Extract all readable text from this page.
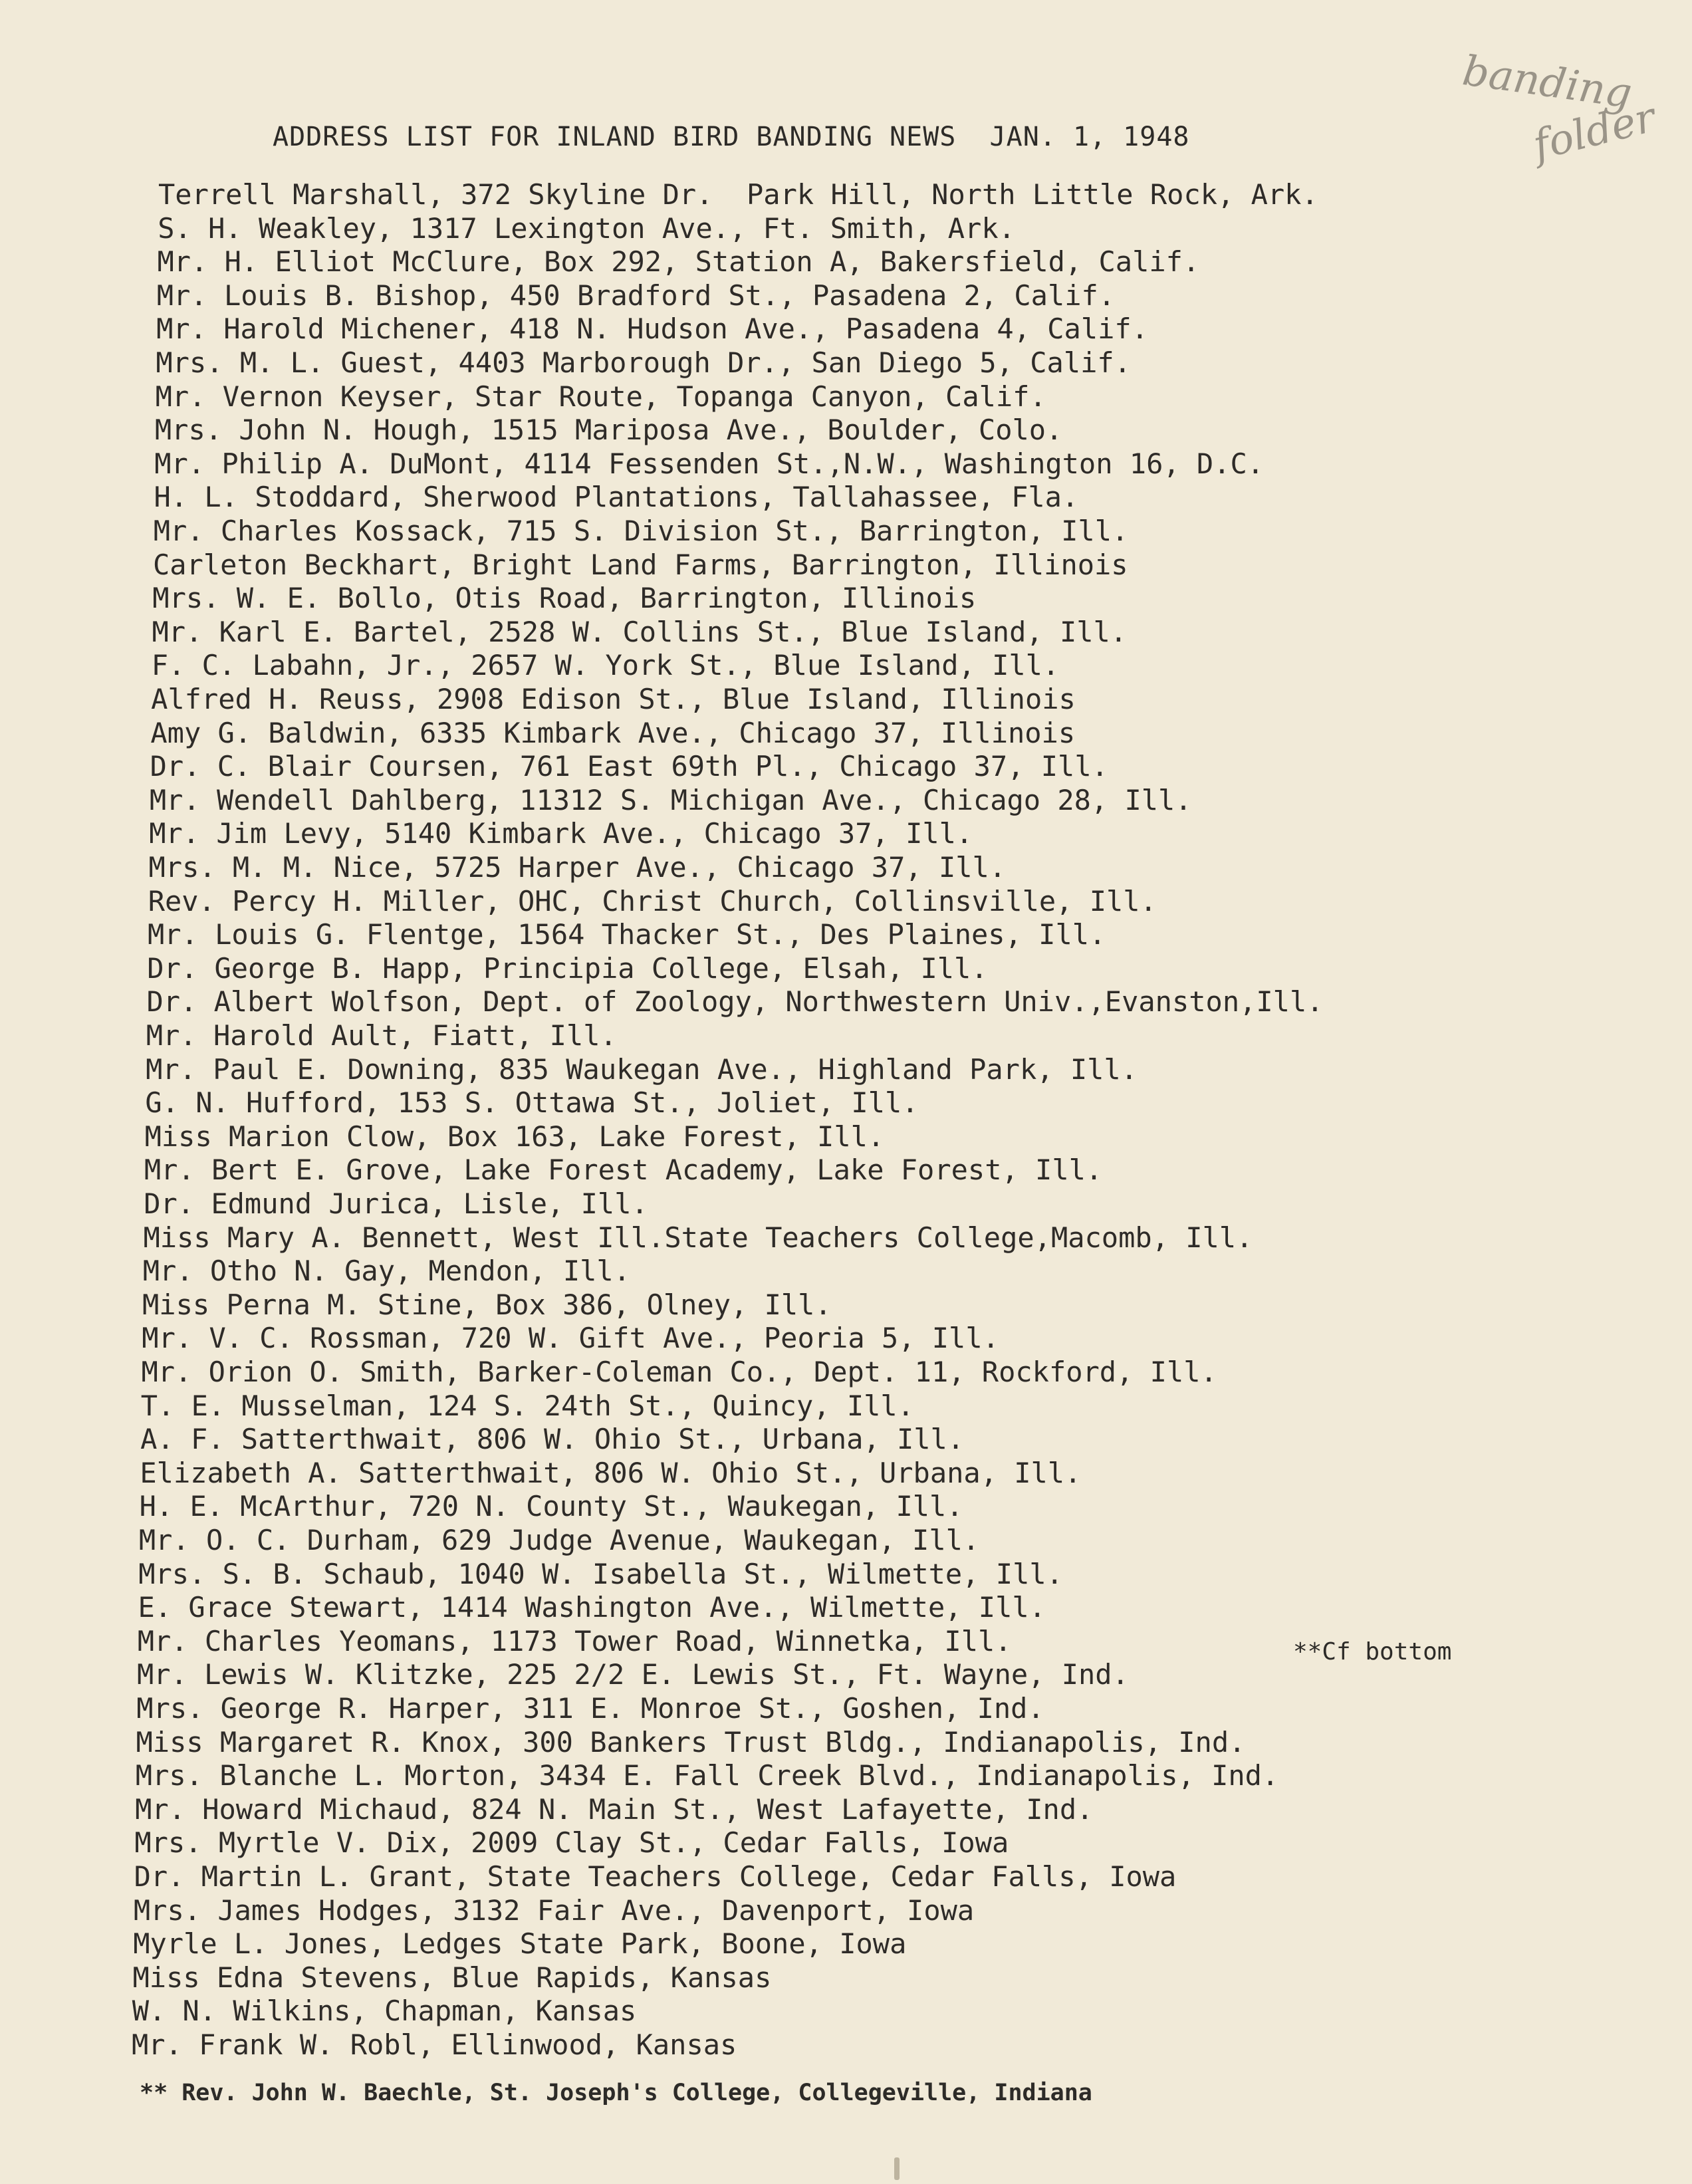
banding
folder
ADDRESS LIST FOR INLAND BIRD BANDING NEWS  JAN. 1, 1948
Terrell Marshall, 372 Skyline Dr.  Park Hill, North Little Rock, Ark.
S. H. Weakley, 1317 Lexington Ave., Ft. Smith, Ark.
Mr. H. Elliot McClure, Box 292, Station A, Bakersfield, Calif.
Mr. Louis B. Bishop, 450 Bradford St., Pasadena 2, Calif.
Mr. Harold Michener, 418 N. Hudson Ave., Pasadena 4, Calif.
Mrs. M. L. Guest, 4403 Marborough Dr., San Diego 5, Calif.
Mr. Vernon Keyser, Star Route, Topanga Canyon, Calif.
Mrs. John N. Hough, 1515 Mariposa Ave., Boulder, Colo.
Mr. Philip A. DuMont, 4114 Fessenden St.,N.W., Washington 16, D.C.
H. L. Stoddard, Sherwood Plantations, Tallahassee, Fla.
Mr. Charles Kossack, 715 S. Division St., Barrington, Ill.
Carleton Beckhart, Bright Land Farms, Barrington, Illinois
Mrs. W. E. Bollo, Otis Road, Barrington, Illinois
Mr. Karl E. Bartel, 2528 W. Collins St., Blue Island, Ill.
F. C. Labahn, Jr., 2657 W. York St., Blue Island, Ill.
Alfred H. Reuss, 2908 Edison St., Blue Island, Illinois
Amy G. Baldwin, 6335 Kimbark Ave., Chicago 37, Illinois
Dr. C. Blair Coursen, 761 East 69th Pl., Chicago 37, Ill.
Mr. Wendell Dahlberg, 11312 S. Michigan Ave., Chicago 28, Ill.
Mr. Jim Levy, 5140 Kimbark Ave., Chicago 37, Ill.
Mrs. M. M. Nice, 5725 Harper Ave., Chicago 37, Ill.
Rev. Percy H. Miller, OHC, Christ Church, Collinsville, Ill.
Mr. Louis G. Flentge, 1564 Thacker St., Des Plaines, Ill.
Dr. George B. Happ, Principia College, Elsah, Ill.
Dr. Albert Wolfson, Dept. of Zoology, Northwestern Univ.,Evanston,Ill.
Mr. Harold Ault, Fiatt, Ill.
Mr. Paul E. Downing, 835 Waukegan Ave., Highland Park, Ill.
G. N. Hufford, 153 S. Ottawa St., Joliet, Ill.
Miss Marion Clow, Box 163, Lake Forest, Ill.
Mr. Bert E. Grove, Lake Forest Academy, Lake Forest, Ill.
Dr. Edmund Jurica, Lisle, Ill.
Miss Mary A. Bennett, West Ill.State Teachers College,Macomb, Ill.
Mr. Otho N. Gay, Mendon, Ill.
Miss Perna M. Stine, Box 386, Olney, Ill.
Mr. V. C. Rossman, 720 W. Gift Ave., Peoria 5, Ill.
Mr. Orion O. Smith, Barker-Coleman Co., Dept. 11, Rockford, Ill.
T. E. Musselman, 124 S. 24th St., Quincy, Ill.
A. F. Satterthwait, 806 W. Ohio St., Urbana, Ill.
Elizabeth A. Satterthwait, 806 W. Ohio St., Urbana, Ill.
H. E. McArthur, 720 N. County St., Waukegan, Ill.
Mr. O. C. Durham, 629 Judge Avenue, Waukegan, Ill.
Mrs. S. B. Schaub, 1040 W. Isabella St., Wilmette, Ill.
E. Grace Stewart, 1414 Washington Ave., Wilmette, Ill.
Mr. Charles Yeomans, 1173 Tower Road, Winnetka, Ill.
Mr. Lewis W. Klitzke, 225 2/2 E. Lewis St., Ft. Wayne, Ind.
Mrs. George R. Harper, 311 E. Monroe St., Goshen, Ind.
Miss Margaret R. Knox, 300 Bankers Trust Bldg., Indianapolis, Ind.
Mrs. Blanche L. Morton, 3434 E. Fall Creek Blvd., Indianapolis, Ind.
Mr. Howard Michaud, 824 N. Main St., West Lafayette, Ind.
Mrs. Myrtle V. Dix, 2009 Clay St., Cedar Falls, Iowa
Dr. Martin L. Grant, State Teachers College, Cedar Falls, Iowa
Mrs. James Hodges, 3132 Fair Ave., Davenport, Iowa
Myrle L. Jones, Ledges State Park, Boone, Iowa
Miss Edna Stevens, Blue Rapids, Kansas
W. N. Wilkins, Chapman, Kansas
Mr. Frank W. Robl, Ellinwood, Kansas
**Cf bottom
** Rev. John W. Baechle, St. Joseph's College, Collegeville, Indiana
